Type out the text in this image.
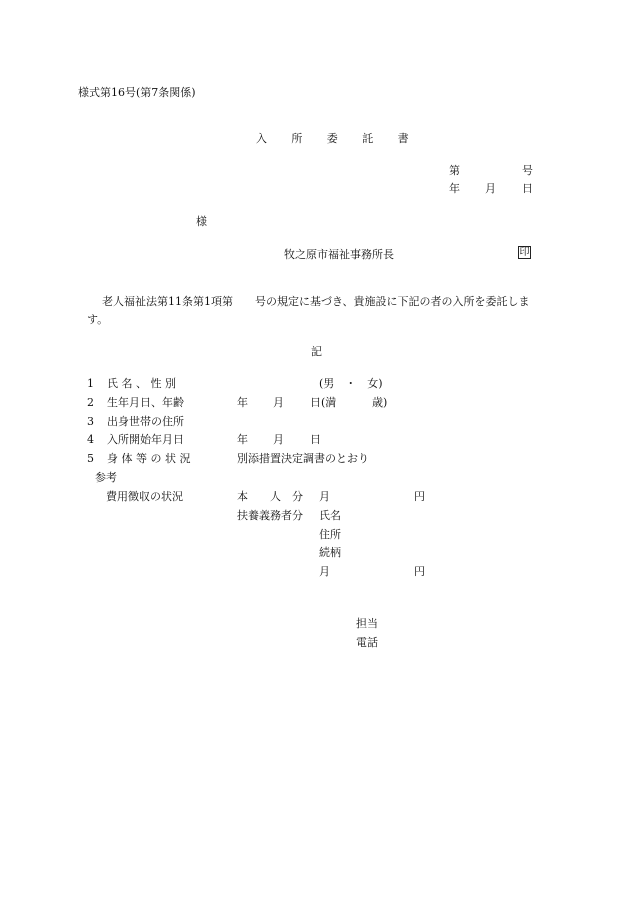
様式第16号(第7条関係)
入 所 委 託 書
第	号
年 月 日
様
牧之原市福祉事務所長	印
老人福祉法第11条第1項第　　号の規定に基づき、貴施設に下記の者の入所を委託しま
す。
記
1 氏 名 、 性 別	(男　・　女)
2 生年月日、年齢	年 月 日(満	歳)
3 出身世帯の住所
4 入所開始年月日	年 月 日
5 身 体 等 の 状 況	別添措置決定調書のとおり
参考
費用徴収の状況	本　　人　分 月	円
扶養義務者分 氏名
住所
続柄
月	円
担当
電話
